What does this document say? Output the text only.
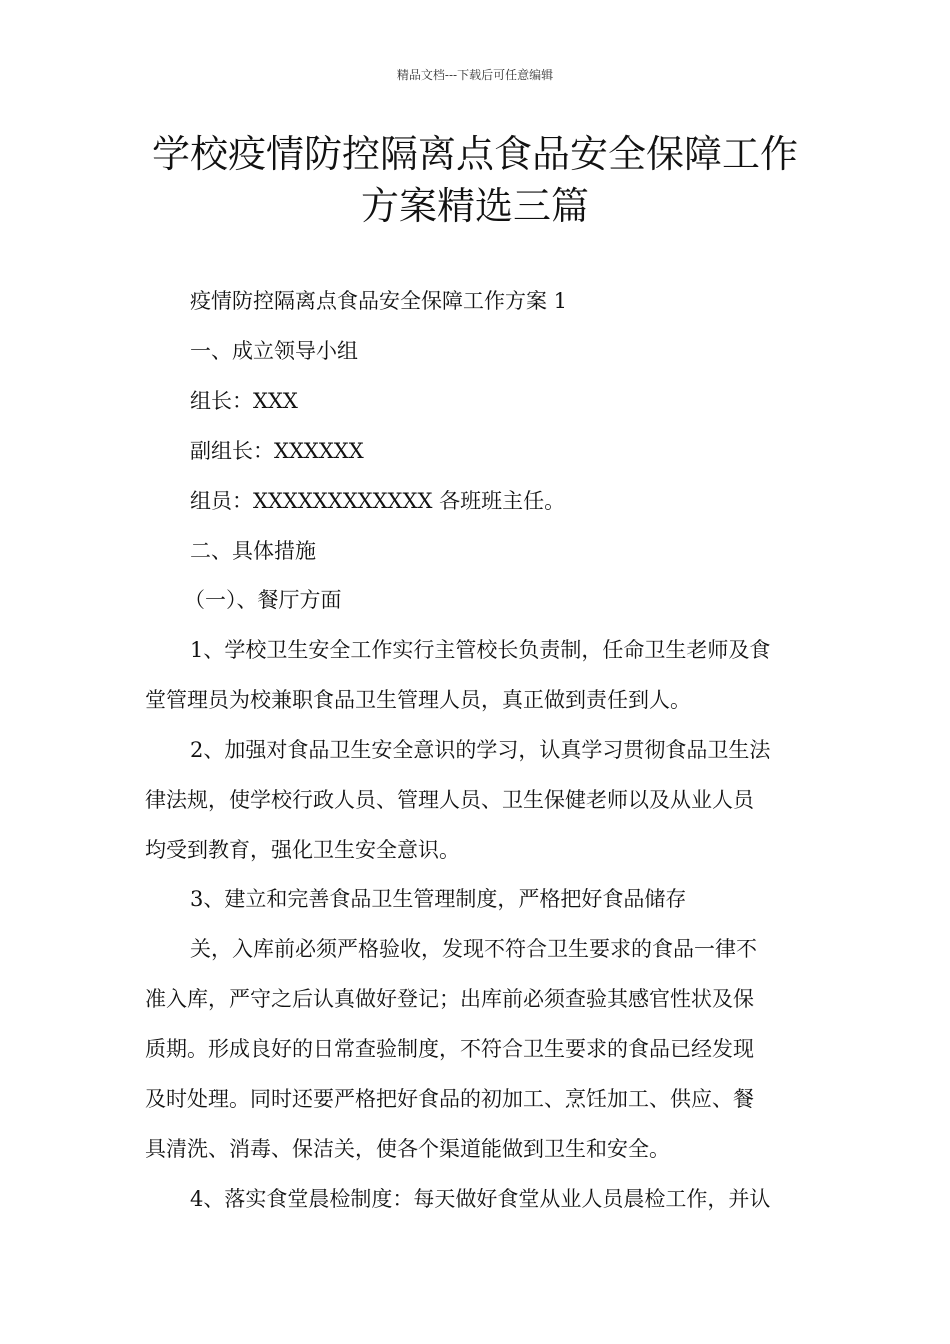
精品文档---下载后可任意编辑
学校疫情防控隔离点食品安全保障工作
方案精选三篇
疫情防控隔离点食品安全保障工作方案 1
一、成立领导小组
组长：XXX
副组长：XXXXXX
组员：XXXXXXXXXXXX 各班班主任。
二、具体措施
（一）、餐厅方面
1、学校卫生安全工作实行主管校长负责制，任命卫生老师及食
堂管理员为校兼职食品卫生管理人员，真正做到责任到人。
2、加强对食品卫生安全意识的学习，认真学习贯彻食品卫生法
律法规，使学校行政人员、管理人员、卫生保健老师以及从业人员
均受到教育，强化卫生安全意识。
3、建立和完善食品卫生管理制度，严格把好食品储存
关，入库前必须严格验收，发现不符合卫生要求的食品一律不
准入库，严守之后认真做好登记；出库前必须查验其感官性状及保
质期。形成良好的日常查验制度，不符合卫生要求的食品已经发现
及时处理。同时还要严格把好食品的初加工、烹饪加工、供应、餐
具清洗、消毒、保洁关，使各个渠道能做到卫生和安全。
4、落实食堂晨检制度：每天做好食堂从业人员晨检工作，并认
